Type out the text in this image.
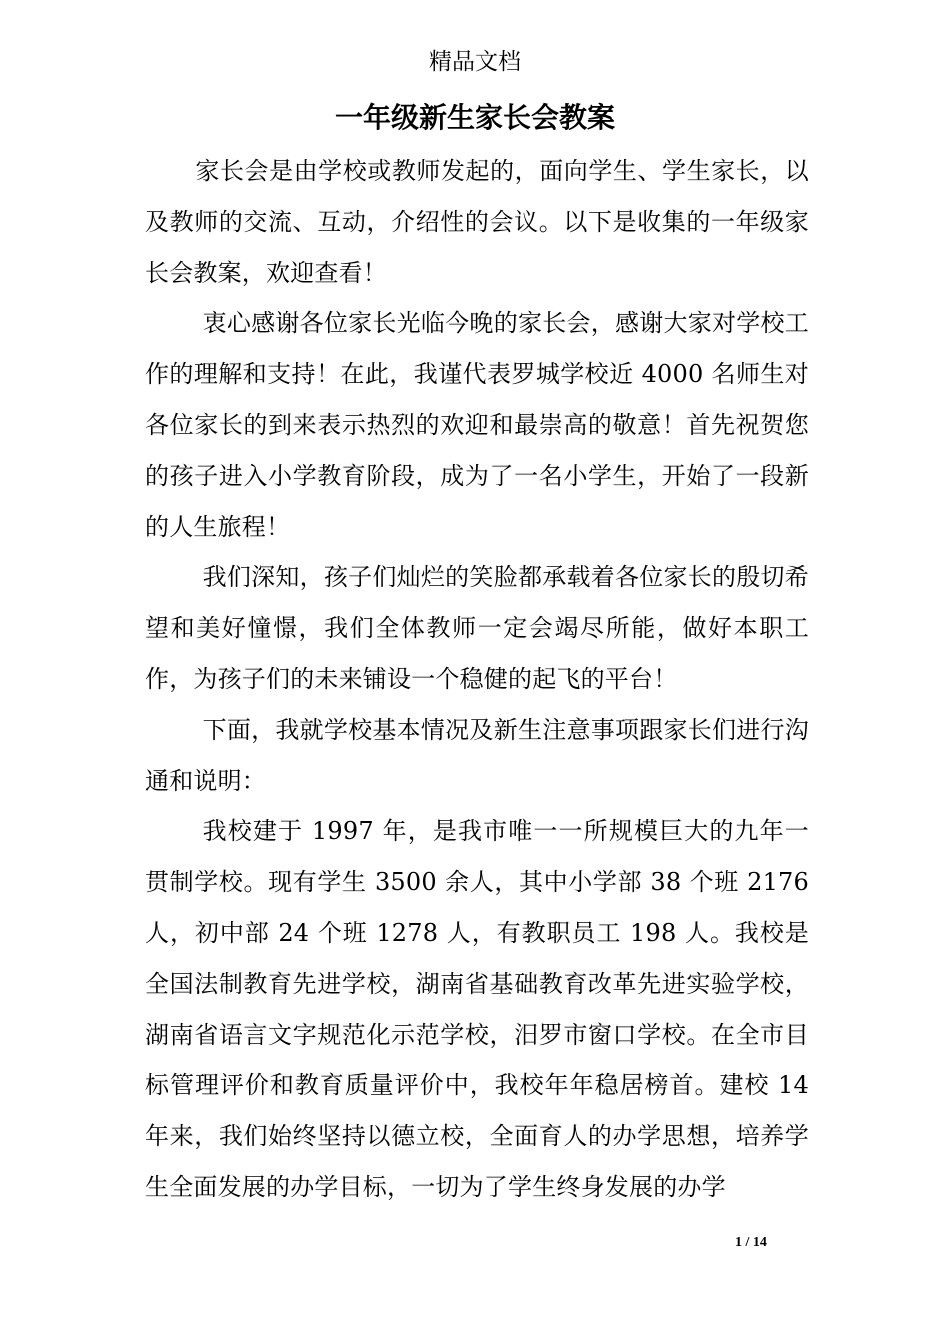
精品文档
一年级新生家长会教案

家长会是由学校或教师发起的，面向学生、学生家长，以及教师的交流、互动，介绍性的会议。以下是收集的一年级家长会教案，欢迎查看！

衷心感谢各位家长光临今晚的家长会，感谢大家对学校工作的理解和支持！在此，我谨代表罗城学校近 4000 名师生对各位家长的到来表示热烈的欢迎和最崇高的敬意！首先祝贺您的孩子进入小学教育阶段，成为了一名小学生，开始了一段新的人生旅程！

我们深知，孩子们灿烂的笑脸都承载着各位家长的殷切希望和美好憧憬，我们全体教师一定会竭尽所能，做好本职工作，为孩子们的未来铺设一个稳健的起飞的平台！

下面，我就学校基本情况及新生注意事项跟家长们进行沟通和说明：

我校建于 1997 年，是我市唯一一所规模巨大的九年一贯制学校。现有学生 3500 余人，其中小学部 38 个班 2176 人，初中部 24 个班 1278 人，有教职员工 198 人。我校是全国法制教育先进学校，湖南省基础教育改革先进实验学校，湖南省语言文字规范化示范学校，汨罗市窗口学校。在全市目标管理评价和教育质量评价中，我校年年稳居榜首。建校 14 年来，我们始终坚持以德立校，全面育人的办学思想，培养学生全面发展的办学目标，一切为了学生终身发展的办学

1 / 14
